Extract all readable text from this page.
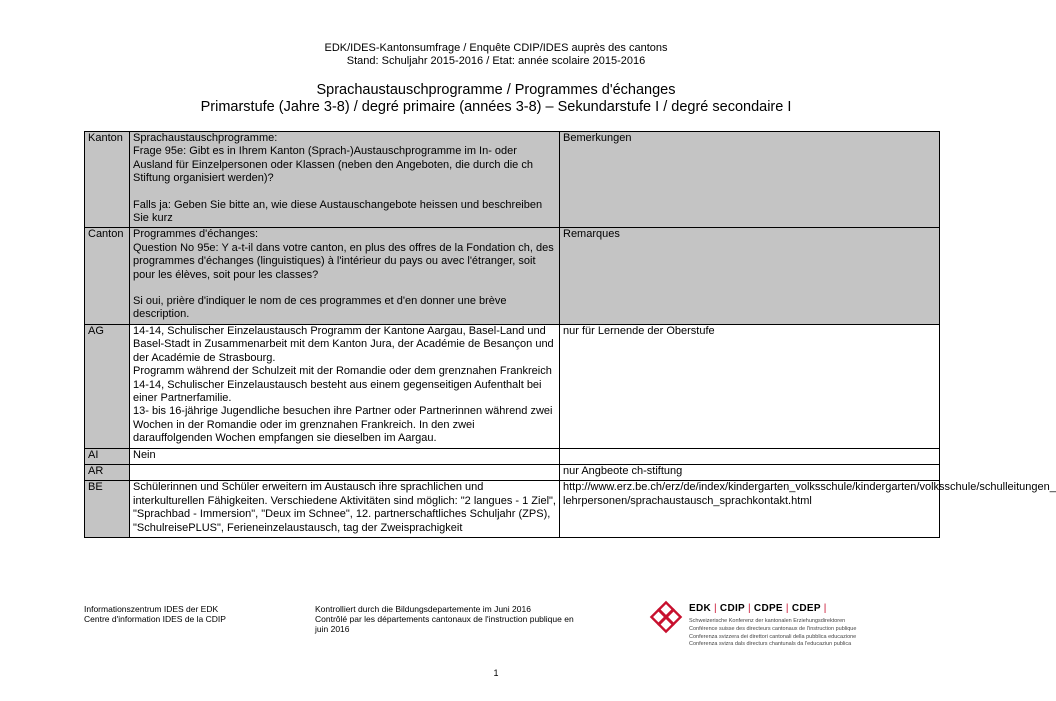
EDK/IDES-Kantonsumfrage / Enquête CDIP/IDES auprès des cantons
Stand: Schuljahr 2015-2016 / Etat: année scolaire 2015-2016
Sprachaustauschprogramme / Programmes d'échanges
Primarstufe (Jahre 3-8) / degré primaire (années 3-8) – Sekundarstufe I / degré secondaire I
Kanton	Sprachaustauschprogramme:
Frage 95e: Gibt es in Ihrem Kanton (Sprach-)Austauschprogramme im In- oder Ausland für Einzelpersonen oder Klassen (neben den Angeboten, die durch die ch Stiftung organisiert werden)?
Falls ja: Geben Sie bitte an, wie diese Austauschangebote heissen und beschreiben Sie kurz	Bemerkungen
Canton	Programmes d'échanges:
Question No 95e: Y a-t-il dans votre canton, en plus des offres de la Fondation ch, des programmes d'échanges (linguistiques) à l'intérieur du pays ou avec l'étranger, soit pour les élèves, soit pour les classes?
Si oui, prière d'indiquer le nom de ces programmes et d'en donner une brève description.	Remarques
AG	14-14, Schulischer Einzelaustausch Programm der Kantone Aargau, Basel-Land und Basel-Stadt in Zusammenarbeit mit dem Kanton Jura, der Académie de Besançon und der Académie de Strasbourg.
Programm während der Schulzeit mit der Romandie oder dem grenznahen Frankreich 14-14, Schulischer Einzelaustausch besteht aus einem gegenseitigen Aufenthalt bei einer Partnerfamilie.
13- bis 16-jährige Jugendliche besuchen ihre Partner oder Partnerinnen während zwei Wochen in der Romandie oder im grenznahen Frankreich. In den zwei darauffolgenden Wochen empfangen sie dieselben im Aargau.	nur für Lernende der Oberstufe
AI	Nein	
AR		nur Angbeote ch-stiftung
BE	Schülerinnen und Schüler erweitern im Austausch ihre sprachlichen und interkulturellen Fähigkeiten. Verschiedene Aktivitäten sind möglich: "2 langues - 1 Ziel", "Sprachbad - Immersion", "Deux im Schnee", 12. partnerschaftliches Schuljahr (ZPS), "SchulreisePLUS", Ferieneinzelaustausch, tag der Zweisprachigkeit	http://www.erz.be.ch/erz/de/index/kindergarten_volksschule/kindergarten/volksschule/schulleitungen_ lehrpersonen/sprachaustausch_sprachkontakt.html
Informationszentrum IDES der EDK
Centre d'information IDES de la CDIP
Kontrolliert durch die Bildungsdepartemente im Juni 2016
Contrôlé par les départements cantonaux de l'instruction publique en juin 2016
EDK | CDIP | CDPE | CDEP |
Schweizerische Konferenz der kantonalen Erziehungsdirektoren
Conférence suisse des directeurs cantonaux de l'instruction publique
Conferenza svizzera dei direttori cantonali della pubblica educazione
Conferenza svizra dals directurs chantunals da l'educaziun publica
1
